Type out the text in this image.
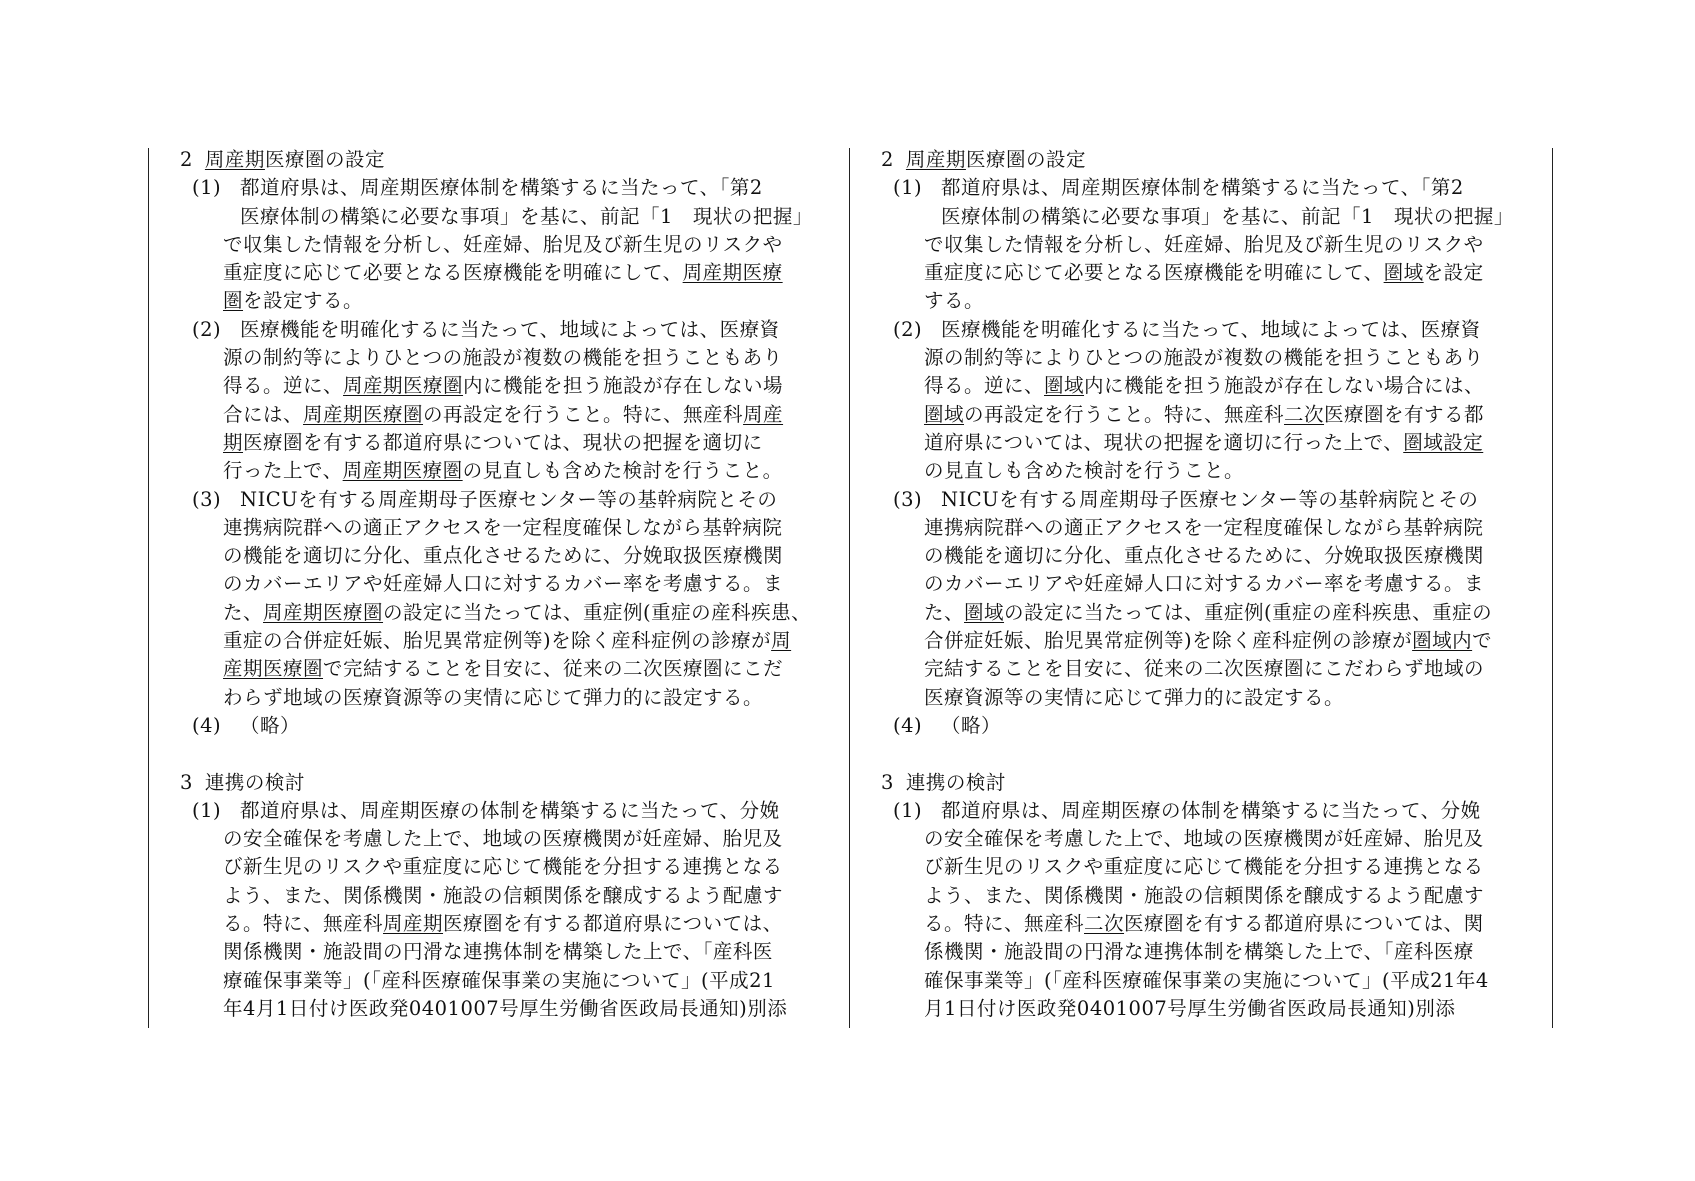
2 周産期医療圏の設定
(1) 都道府県は、周産期医療体制を構築するに当たって、「第2
医療体制の構築に必要な事項」を基に、前記「1　現状の把握」
で収集した情報を分析し、妊産婦、胎児及び新生児のリスクや
重症度に応じて必要となる医療機能を明確にして、周産期医療
圏を設定する。
(2) 医療機能を明確化するに当たって、地域によっては、医療資
源の制約等によりひとつの施設が複数の機能を担うこともあり
得る。逆に、周産期医療圏内に機能を担う施設が存在しない場
合には、周産期医療圏の再設定を行うこと。特に、無産科周産
期医療圏を有する都道府県については、現状の把握を適切に
行った上で、周産期医療圏の見直しも含めた検討を行うこと。
(3) NICUを有する周産期母子医療センター等の基幹病院とその
連携病院群への適正アクセスを一定程度確保しながら基幹病院
の機能を適切に分化、重点化させるために、分娩取扱医療機関
のカバーエリアや妊産婦人口に対するカバー率を考慮する。ま
た、周産期医療圏の設定に当たっては、重症例(重症の産科疾患、
重症の合併症妊娠、胎児異常症例等)を除く産科症例の診療が周
産期医療圏で完結することを目安に、従来の二次医療圏にこだ
わらず地域の医療資源等の実情に応じて弾力的に設定する。
(4) （略）
3 連携の検討
(1) 都道府県は、周産期医療の体制を構築するに当たって、分娩
の安全確保を考慮した上で、地域の医療機関が妊産婦、胎児及
び新生児のリスクや重症度に応じて機能を分担する連携となる
よう、また、関係機関・施設の信頼関係を醸成するよう配慮す
る。特に、無産科周産期医療圏を有する都道府県については、
関係機関・施設間の円滑な連携体制を構築した上で、「産科医
療確保事業等」(「産科医療確保事業の実施について」(平成21
年4月1日付け医政発0401007号厚生労働省医政局長通知)別添
2 周産期医療圏の設定
(1) 都道府県は、周産期医療体制を構築するに当たって、「第2
医療体制の構築に必要な事項」を基に、前記「1　現状の把握」
で収集した情報を分析し、妊産婦、胎児及び新生児のリスクや
重症度に応じて必要となる医療機能を明確にして、圏域を設定
する。
(2) 医療機能を明確化するに当たって、地域によっては、医療資
源の制約等によりひとつの施設が複数の機能を担うこともあり
得る。逆に、圏域内に機能を担う施設が存在しない場合には、
圏域の再設定を行うこと。特に、無産科二次医療圏を有する都
道府県については、現状の把握を適切に行った上で、圏域設定
の見直しも含めた検討を行うこと。
(3) NICUを有する周産期母子医療センター等の基幹病院とその
連携病院群への適正アクセスを一定程度確保しながら基幹病院
の機能を適切に分化、重点化させるために、分娩取扱医療機関
のカバーエリアや妊産婦人口に対するカバー率を考慮する。ま
た、圏域の設定に当たっては、重症例(重症の産科疾患、重症の
合併症妊娠、胎児異常症例等)を除く産科症例の診療が圏域内で
完結することを目安に、従来の二次医療圏にこだわらず地域の
医療資源等の実情に応じて弾力的に設定する。
(4) （略）
3 連携の検討
(1) 都道府県は、周産期医療の体制を構築するに当たって、分娩
の安全確保を考慮した上で、地域の医療機関が妊産婦、胎児及
び新生児のリスクや重症度に応じて機能を分担する連携となる
よう、また、関係機関・施設の信頼関係を醸成するよう配慮す
る。特に、無産科二次医療圏を有する都道府県については、関
係機関・施設間の円滑な連携体制を構築した上で、「産科医療
確保事業等」(「産科医療確保事業の実施について」(平成21年4
月1日付け医政発0401007号厚生労働省医政局長通知)別添
